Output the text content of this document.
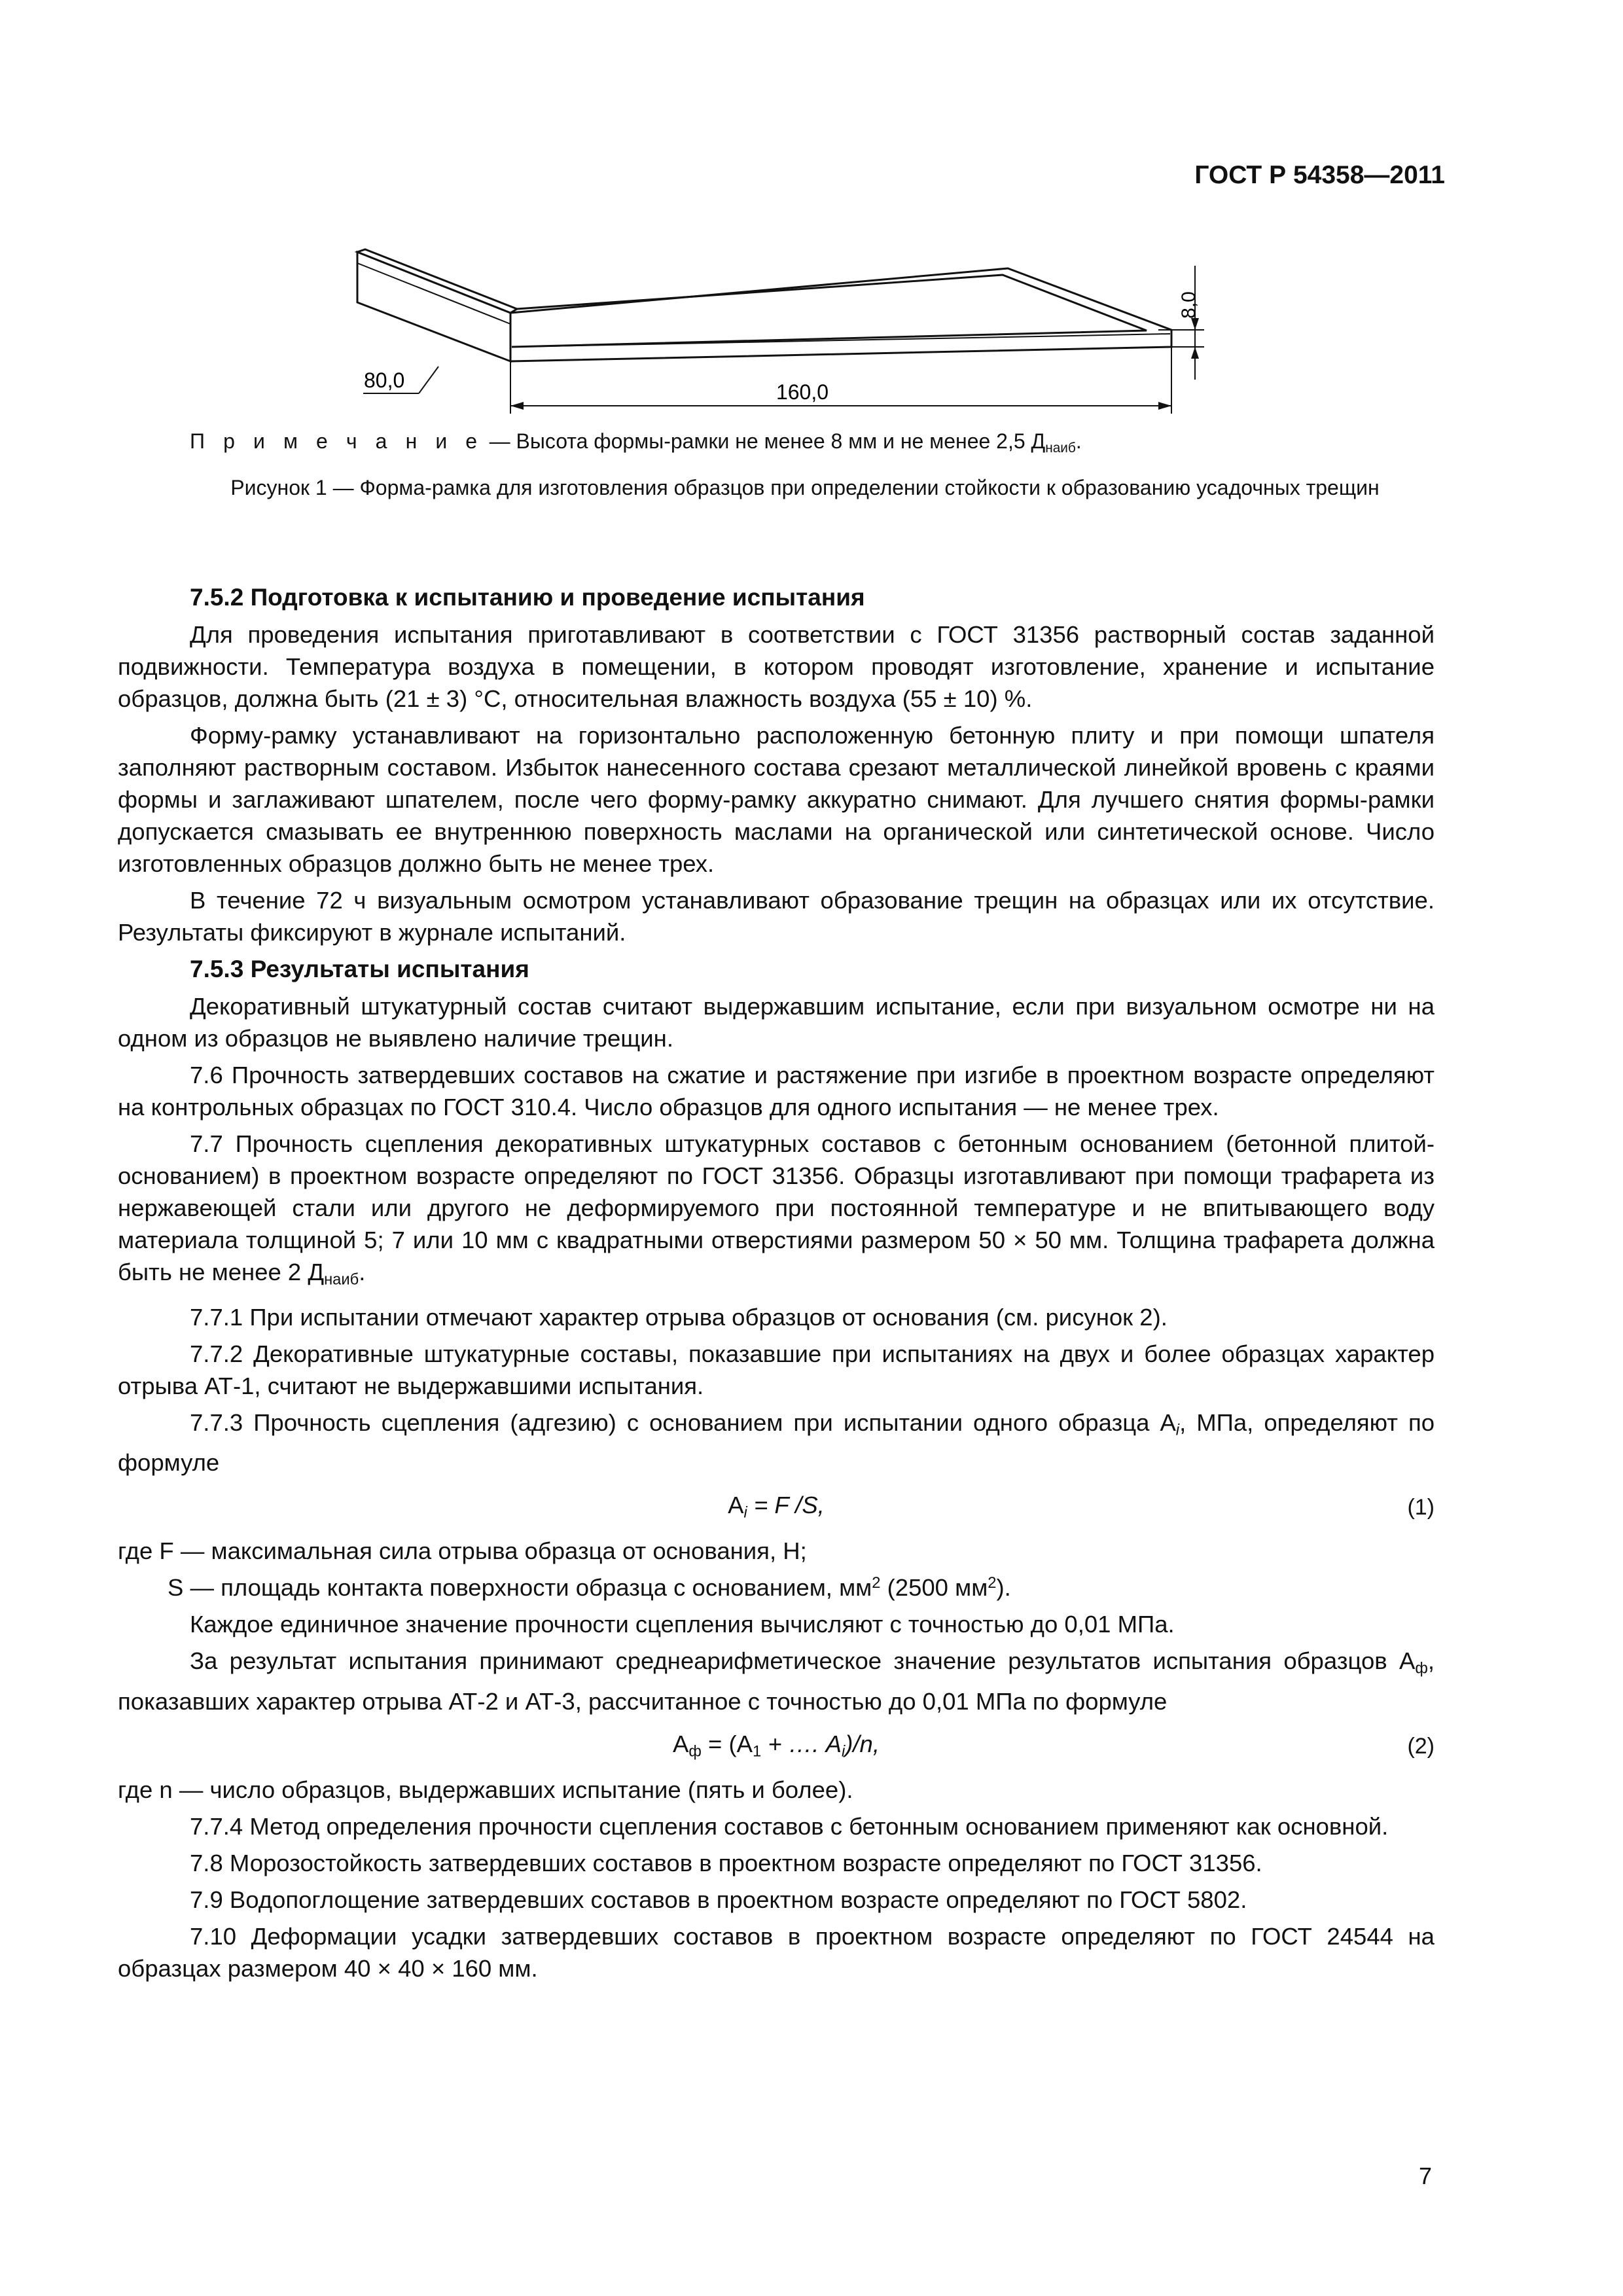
ГОСТ Р 54358—2011
80,0	160,0
8,0
П р и м е ч а н и е — Высота формы-рамки не менее 8 мм и не менее 2,5 $Д_{наиб}$.
Рисунок 1 — Форма-рамка для изготовления образцов при определении стойкости к образованию усадочных трещин

7.5.2 Подготовка к испытанию и проведение испытания

Для проведения испытания приготавливают в соответствии с ГОСТ 31356 растворный состав заданной подвижности. Температура воздуха в помещении, в котором проводят изготовление, хранение и испытание образцов, должна быть (21 ± 3) °С, относительная влажность воздуха (55 ± 10) %.

Форму-рамку устанавливают на горизонтально расположенную бетонную плиту и при помощи шпателя заполняют растворным составом. Избыток нанесенного состава срезают металлической линейкой вровень с краями формы и заглаживают шпателем, после чего форму-рамку аккуратно снимают. Для лучшего снятия формы-рамки допускается смазывать ее внутреннюю поверхность маслами на органической или синтетической основе. Число изготовленных образцов должно быть не менее трех.

В течение 72 ч визуальным осмотром устанавливают образование трещин на образцах или их отсутствие. Результаты фиксируют в журнале испытаний.

7.5.3 Результаты испытания

Декоративный штукатурный состав считают выдержавшим испытание, если при визуальном осмотре ни на одном из образцов не выявлено наличие трещин.

7.6 Прочность затвердевших составов на сжатие и растяжение при изгибе в проектном возрасте определяют на контрольных образцах по ГОСТ 310.4. Число образцов для одного испытания — не менее трех.

7.7 Прочность сцепления декоративных штукатурных составов с бетонным основанием (бетонной плитой-основанием) в проектном возрасте определяют по ГОСТ 31356. Образцы изготавливают при помощи трафарета из нержавеющей стали или другого не деформируемого при постоянной температуре и не впитывающего воду материала толщиной 5; 7 или 10 мм с квадратными отверстиями размером 50 × 50 мм. Толщина трафарета должна быть не менее 2 $Д_{наиб}$.

7.7.1 При испытании отмечают характер отрыва образцов от основания (см. рисунок 2).

7.7.2 Декоративные штукатурные составы, показавшие при испытаниях на двух и более образцах характер отрыва АТ-1, считают не выдержавшими испытания.

7.7.3 Прочность сцепления (адгезию) с основанием при испытании одного образца $А_i$, МПа, определяют по формуле

$А_i = F$ /S,	(1)

где F — максимальная сила отрыва образца от основания, Н;

S — площадь контакта поверхности образца с основанием, $мм^2$ (2500 $мм^2$).

Каждое единичное значение прочности сцепления вычисляют с точностью до 0,01 МПа.

За результат испытания принимают среднеарифметическое значение результатов испытания образцов $А_ф$, показавших характер отрыва АТ-2 и АТ-3, рассчитанное с точностью до 0,01 МПа по формуле

$А_ф = (А_1$ + …. $А_i)/n$,	(2)

где n — число образцов, выдержавших испытание (пять и более).

7.7.4 Метод определения прочности сцепления составов с бетонным основанием применяют как основной.

7.8 Морозостойкость затвердевших составов в проектном возрасте определяют по ГОСТ 31356.

7.9 Водопоглощение затвердевших составов в проектном возрасте определяют по ГОСТ 5802.

7.10 Деформации усадки затвердевших составов в проектном возрасте определяют по ГОСТ 24544 на образцах размером 40 × 40 × 160 мм.

7
